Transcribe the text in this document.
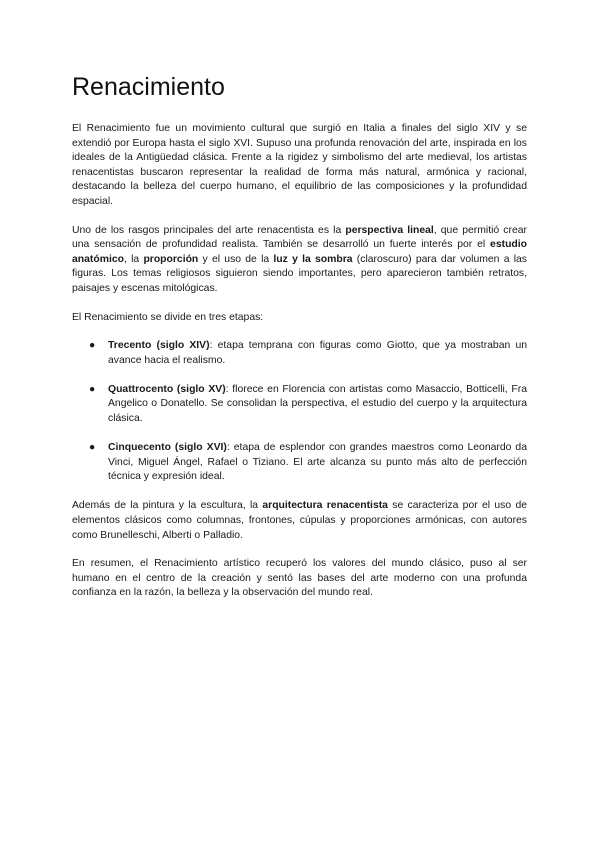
Renacimiento

El Renacimiento fue un movimiento cultural que surgió en Italia a finales del siglo XIV y se extendió por Europa hasta el siglo XVI. Supuso una profunda renovación del arte, inspirada en los ideales de la Antigüedad clásica. Frente a la rigidez y simbolismo del arte medieval, los artistas renacentistas buscaron representar la realidad de forma más natural, armónica y racional, destacando la belleza del cuerpo humano, el equilibrio de las composiciones y la profundidad espacial.

Uno de los rasgos principales del arte renacentista es la perspectiva lineal, que permitió crear una sensación de profundidad realista. También se desarrolló un fuerte interés por el estudio anatómico, la proporción y el uso de la luz y la sombra (claroscuro) para dar volumen a las figuras. Los temas religiosos siguieron siendo importantes, pero aparecieron también retratos, paisajes y escenas mitológicas.

El Renacimiento se divide en tres etapas:

● Trecento (siglo XIV): etapa temprana con figuras como Giotto, que ya mostraban un avance hacia el realismo.
● Quattrocento (siglo XV): florece en Florencia con artistas como Masaccio, Botticelli, Fra Angelico o Donatello. Se consolidan la perspectiva, el estudio del cuerpo y la arquitectura clásica.
● Cinquecento (siglo XVI): etapa de esplendor con grandes maestros como Leonardo da Vinci, Miguel Ángel, Rafael o Tiziano. El arte alcanza su punto más alto de perfección técnica y expresión ideal.

Además de la pintura y la escultura, la arquitectura renacentista se caracteriza por el uso de elementos clásicos como columnas, frontones, cúpulas y proporciones armónicas, con autores como Brunelleschi, Alberti o Palladio.

En resumen, el Renacimiento artístico recuperó los valores del mundo clásico, puso al ser humano en el centro de la creación y sentó las bases del arte moderno con una profunda confianza en la razón, la belleza y la observación del mundo real.
